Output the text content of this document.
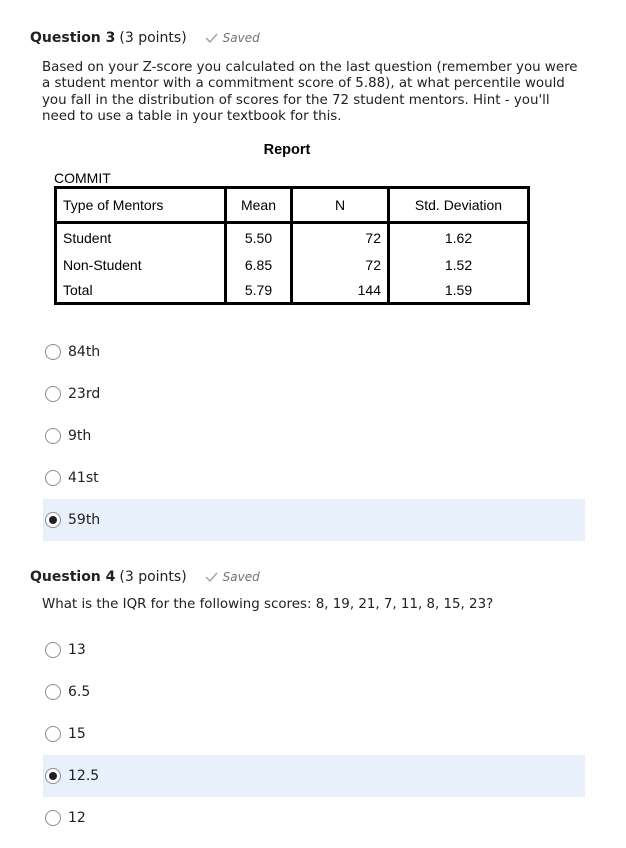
Question 3 (3 points)	Saved
Based on your Z-score you calculated on the last question (remember you were a student mentor with a commitment score of 5.88), at what percentile would you fall in the distribution of scores for the 72 student mentors. Hint - you'll need to use a table in your textbook for this.
Report
COMMIT
Type of Mentors	Mean	N	Std. Deviation
Student	5.50	72	1.62
Non-Student	6.85	72	1.52
Total	5.79	144	1.59
84th
23rd
9th
41st
59th
Question 4 (3 points)	Saved
What is the IQR for the following scores: 8, 19, 21, 7, 11, 8, 15, 23?
13
6.5
15
12.5
12
